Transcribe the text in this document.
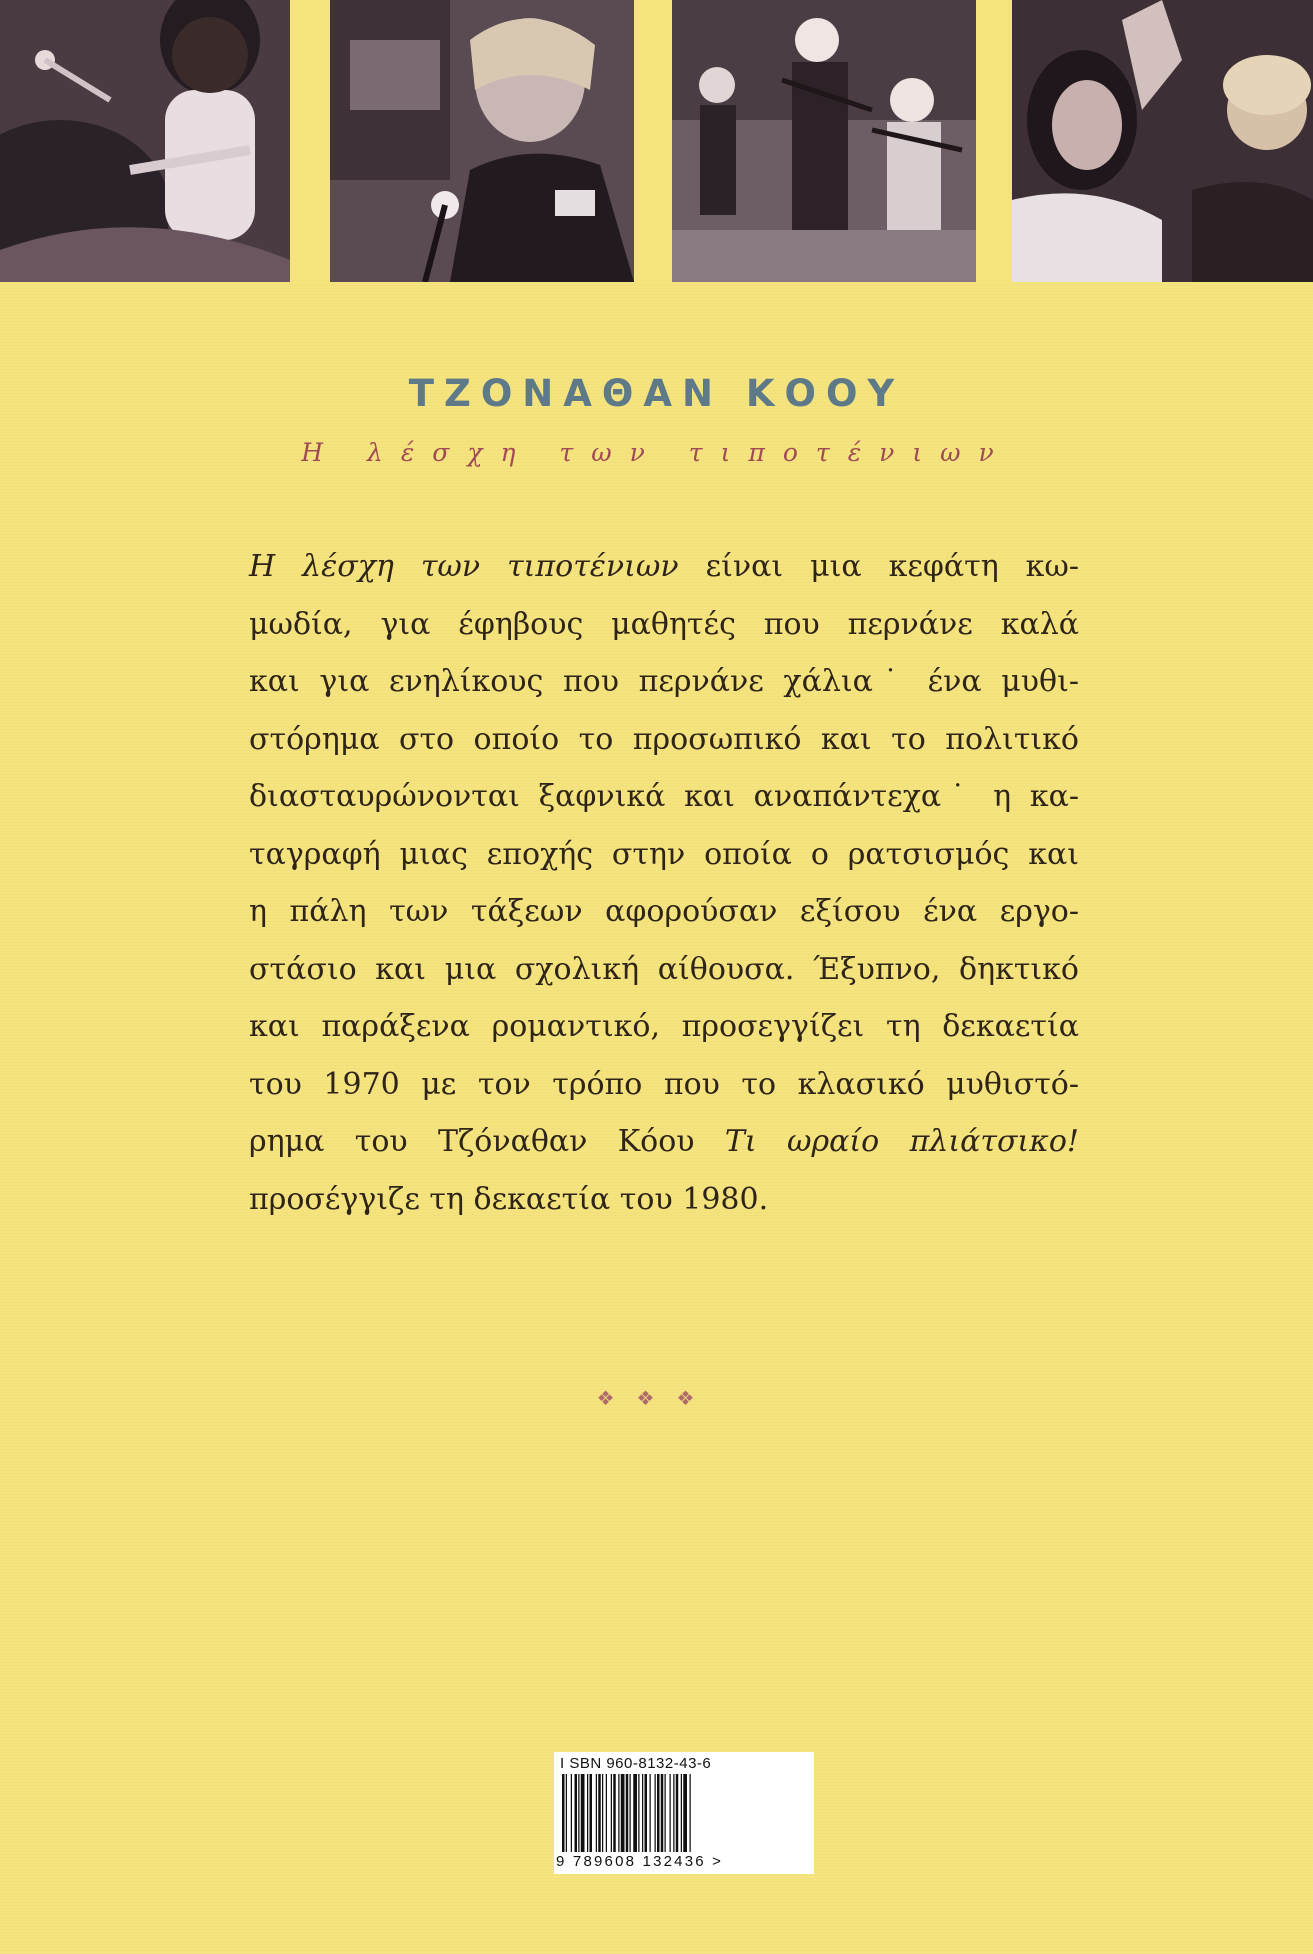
ΤΖΟΝΑΘΑΝ ΚΟΟΥ
Η λέσχη των τιποτένιων

Η λέσχη των τιποτένιων είναι μια κεφάτη κω-

μωδία, για έφηβους μαθητές που περνάνε καλά

και για ενηλίκους που περνάνε χάλια˙ ένα μυθι-

στόρημα στο οποίο το προσωπικό και το πολιτικό

διασταυρώνονται ξαφνικά και αναπάντεχα˙ η κα-

ταγραφή μιας εποχής στην οποία ο ρατσισμός και

η πάλη των τάξεων αφορούσαν εξίσου ένα εργο-

στάσιο και μια σχολική αίθουσα. Έξυπνο, δηκτικό

και παράξενα ρομαντικό, προσεγγίζει τη δεκαετία

του 1970 με τον τρόπο που το κλασικό μυθιστό-

ρημα του Τζόναθαν Κόου Τι ωραίο πλιάτσικο!

προσέγγιζε τη δεκαετία του 1980.

❖❖❖
I SBN 960-8132-43-6
9 789608 132436 >
